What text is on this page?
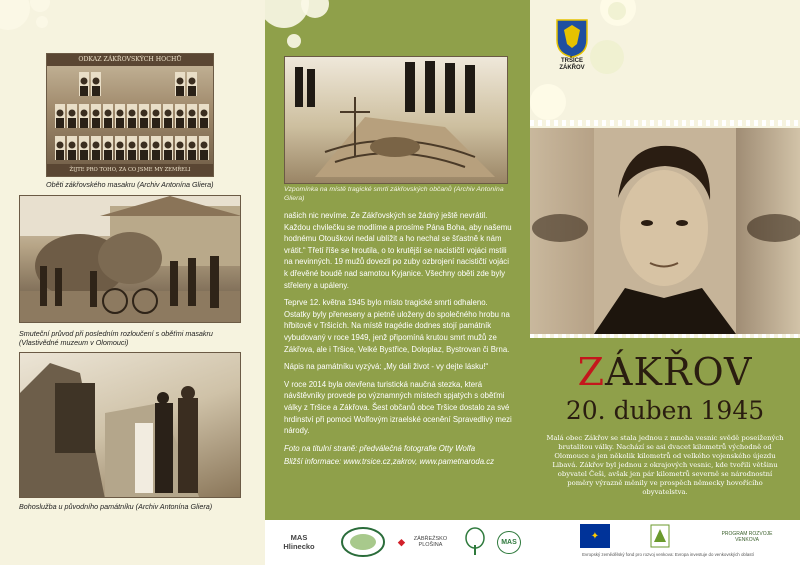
ODKAZ ZÁKŘOVSKÝCH HOCHŮ
ŽIJTE PRO TOHO, ZA CO JSME MY ZEMŘELI
Oběti zákřovského masakru (Archiv Antonína Gliera)
Smuteční průvod při posledním rozloučení s oběťmi masakru (Vlastivědné muzeum v Olomouci)
Bohoslužba u původního památníku (Archiv Antonína Gliera)
Vzpomínka na místě tragické smrti zákřovských občanů (Archiv Antonína Gliera)

našich nic nevíme. Ze Zákřovských se žádný ještě nevrátil. Každou chvilečku se modlíme a prosíme Pána Boha, aby našemu hodnému Otouškovi nedal ublížit a ho nechal se šťastně k nám vrátit.“ Třetí říše se hroutila, o to krutější se nacističtí vojáci mstili na nevinných. 19 mužů dovezli po zuby ozbrojení nacističtí vojáci k dřevěné boudě nad samotou Kyjanice. Všechny oběti zde byly střeleny a upáleny.

Teprve 12. května 1945 bylo místo tragické smrti odhaleno. Ostatky byly přeneseny a pietně uloženy do společného hrobu na hřbitově v Tršicích. Na místě tragédie dodnes stojí památník vybudovaný v roce 1949, jenž připomíná krutou smrt mužů ze Zákřova, ale i Tršice, Velké Bystřice, Doloplaz, Bystrovan či Brna.

Nápis na památníku vyzývá: „My dali život - vy dejte lásku!“

V roce 2014 byla otevřena turistická naučná stezka, která návštěvníky provede po významných místech spjatých s oběťmi války z Tršice a Zákřova. Šest občanů obce Tršice dostalo za své hrdinství při pomoci Wolfovým izraelské ocenění Spravedlivý mezi národy.

Foto na titulní straně: předválečná fotografie Otty Wolfa

Bližší informace: www.trsice.cz,zakrov, www.pametnaroda.cz

TRŠICE
ZÁKŘOV
ZÁKŘOV
20. duben 1945
Malá obec Zákřov se stala jednou z mnoha vesnic svědě poseižených brutalitou války. Nachází se asi dvacet kilometrů východně od Olomouce a jen několik kilometrů od velkého vojenského újezdu Libavá. Zákřov byl jednou z okrajových vesnic, kde tvořili většinu obyvatel Češi, avšak jen pár kilometrů severně se národnostní poměry výrazně měnily ve prospěch německy hovořícího obyvatelstva.
MAS Hlinecko	◆	ZÁBŘEŽSKO PLOŠINA	MAS
✦	PROGRAM ROZVOJE VENKOVA
Evropský zemědělský fond pro rozvoj venkova: Evropa investuje do venkovských oblastí
